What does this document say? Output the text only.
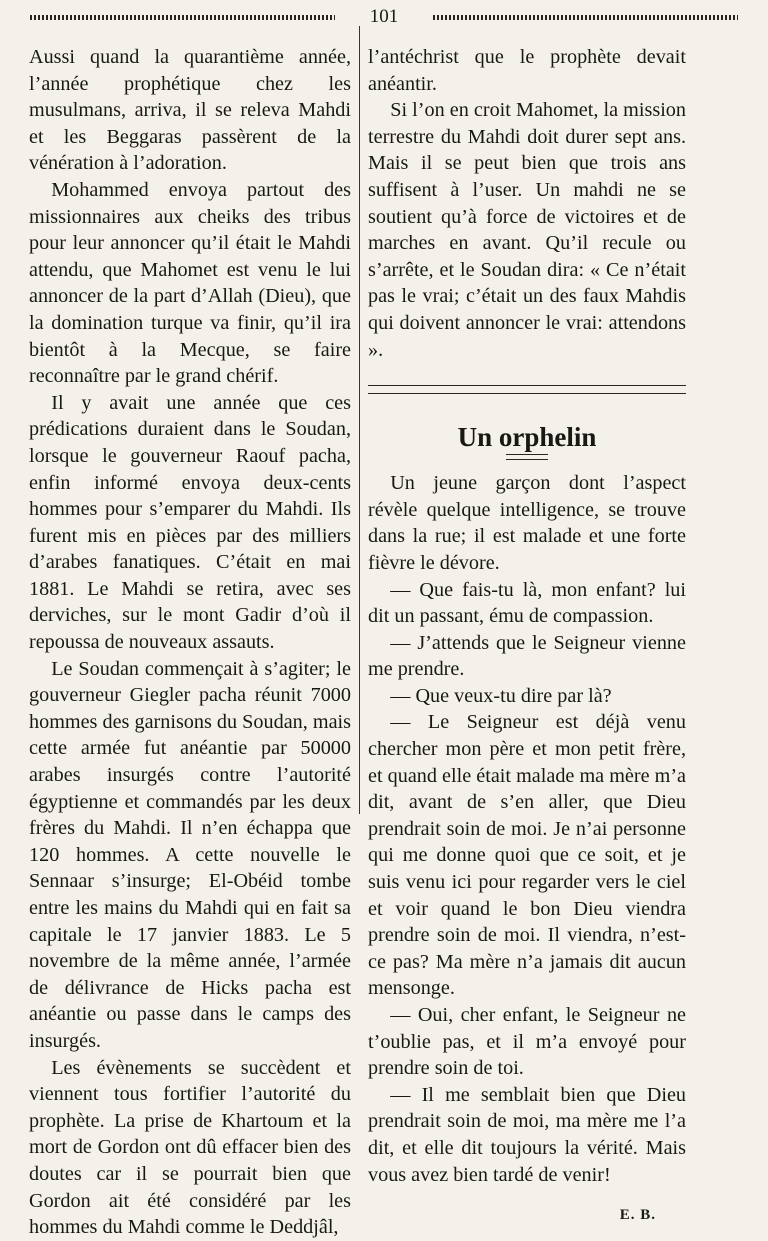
101

Aussi quand la quarantième année, l’année prophétique chez les musulmans, arriva, il se releva Mahdi et les Beggaras passèrent de la vénération à l’adoration.

Mohammed envoya partout des missionnaires aux cheiks des tribus pour leur annoncer qu’il était le Mahdi attendu, que Mahomet est venu le lui annoncer de la part d’Allah (Dieu), que la domination turque va finir, qu’il ira bientôt à la Mecque, se faire reconnaître par le grand chérif.

Il y avait une année que ces prédications duraient dans le Soudan, lorsque le gouverneur Raouf pacha, enfin informé envoya deux-cents hommes pour s’emparer du Mahdi. Ils furent mis en pièces par des milliers d’arabes fanatiques. C’était en mai 1881. Le Mahdi se retira, avec ses derviches, sur le mont Gadir d’où il repoussa de nouveaux assauts.

Le Soudan commençait à s’agiter; le gouverneur Giegler pacha réunit 7000 hommes des garnisons du Soudan, mais cette armée fut anéantie par 50000 arabes insurgés contre l’autorité égyptienne et commandés par les deux frères du Mahdi. Il n’en échappa que 120 hommes. A cette nouvelle le Sennaar s’insurge; El-Obéid tombe entre les mains du Mahdi qui en fait sa capitale le 17 janvier 1883. Le 5 novembre de la même année, l’armée de délivrance de Hicks pacha est anéantie ou passe dans le camps des insurgés.

Les évènements se succèdent et viennent tous fortifier l’autorité du prophète. La prise de Khartoum et la mort de Gordon ont dû effacer bien des doutes car il se pourrait bien que Gordon ait été considéré par les hommes du Mahdi comme le Deddjâl,

l’antéchrist que le prophète devait anéantir.

Si l’on en croit Mahomet, la mission terrestre du Mahdi doit durer sept ans. Mais il se peut bien que trois ans suffisent à l’user. Un mahdi ne se soutient qu’à force de victoires et de marches en avant. Qu’il recule ou s’arrête, et le Soudan dira: « Ce n’était pas le vrai; c’était un des faux Mahdis qui doivent annoncer le vrai: attendons ».

Un orphelin

Un jeune garçon dont l’aspect révèle quelque intelligence, se trouve dans la rue; il est malade et une forte fièvre le dévore.

— Que fais-tu là, mon enfant? lui dit un passant, ému de compassion.

— J’attends que le Seigneur vienne me prendre.

— Que veux-tu dire par là?

— Le Seigneur est déjà venu chercher mon père et mon petit frère, et quand elle était malade ma mère m’a dit, avant de s’en aller, que Dieu prendrait soin de moi. Je n’ai personne qui me donne quoi que ce soit, et je suis venu ici pour regarder vers le ciel et voir quand le bon Dieu viendra prendre soin de moi. Il viendra, n’est-ce pas? Ma mère n’a jamais dit aucun mensonge.

— Oui, cher enfant, le Seigneur ne t’oublie pas, et il m’a envoyé pour prendre soin de toi.

— Il me semblait bien que Dieu prendrait soin de moi, ma mère me l’a dit, et elle dit toujours la vérité. Mais vous avez bien tardé de venir!

E. B.
